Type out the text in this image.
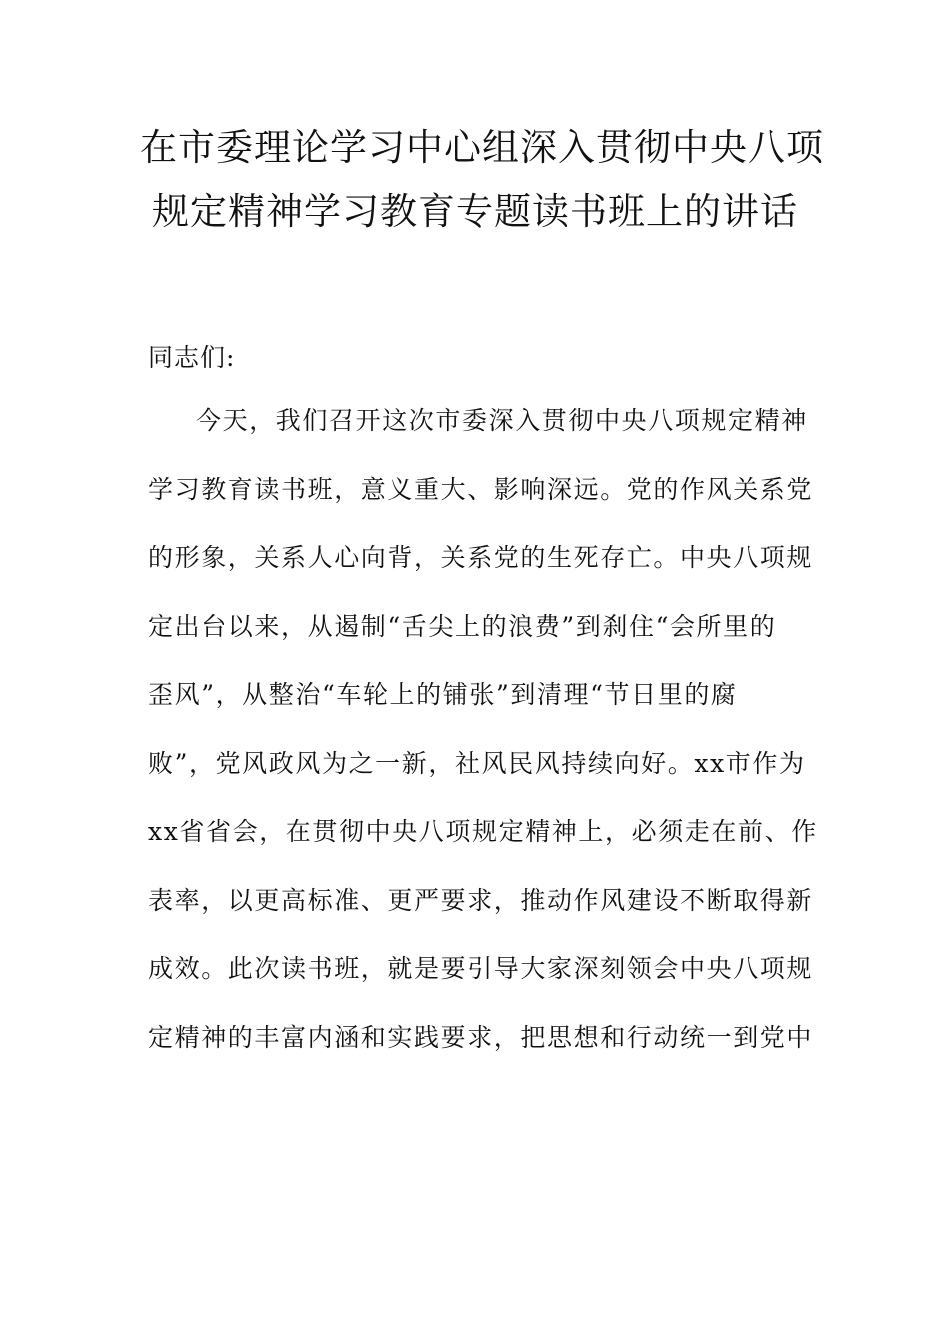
在市委理论学习中心组深入贯彻中央八项
规定精神学习教育专题读书班上的讲话
同志们:
今天，我们召开这次市委深入贯彻中央八项规定精神
学习教育读书班，意义重大、影响深远。党的作风关系党
的形象，关系人心向背，关系党的生死存亡。中央八项规
定出台以来，从遏制“舌尖上的浪费”到刹住“会所里的
歪风”，从整治“车轮上的铺张”到清理“节日里的腐
败”，党风政风为之一新，社风民风持续向好。xx市作为
xx省省会，在贯彻中央八项规定精神上，必须走在前、作
表率，以更高标准、更严要求，推动作风建设不断取得新
成效。此次读书班，就是要引导大家深刻领会中央八项规
定精神的丰富内涵和实践要求，把思想和行动统一到党中
